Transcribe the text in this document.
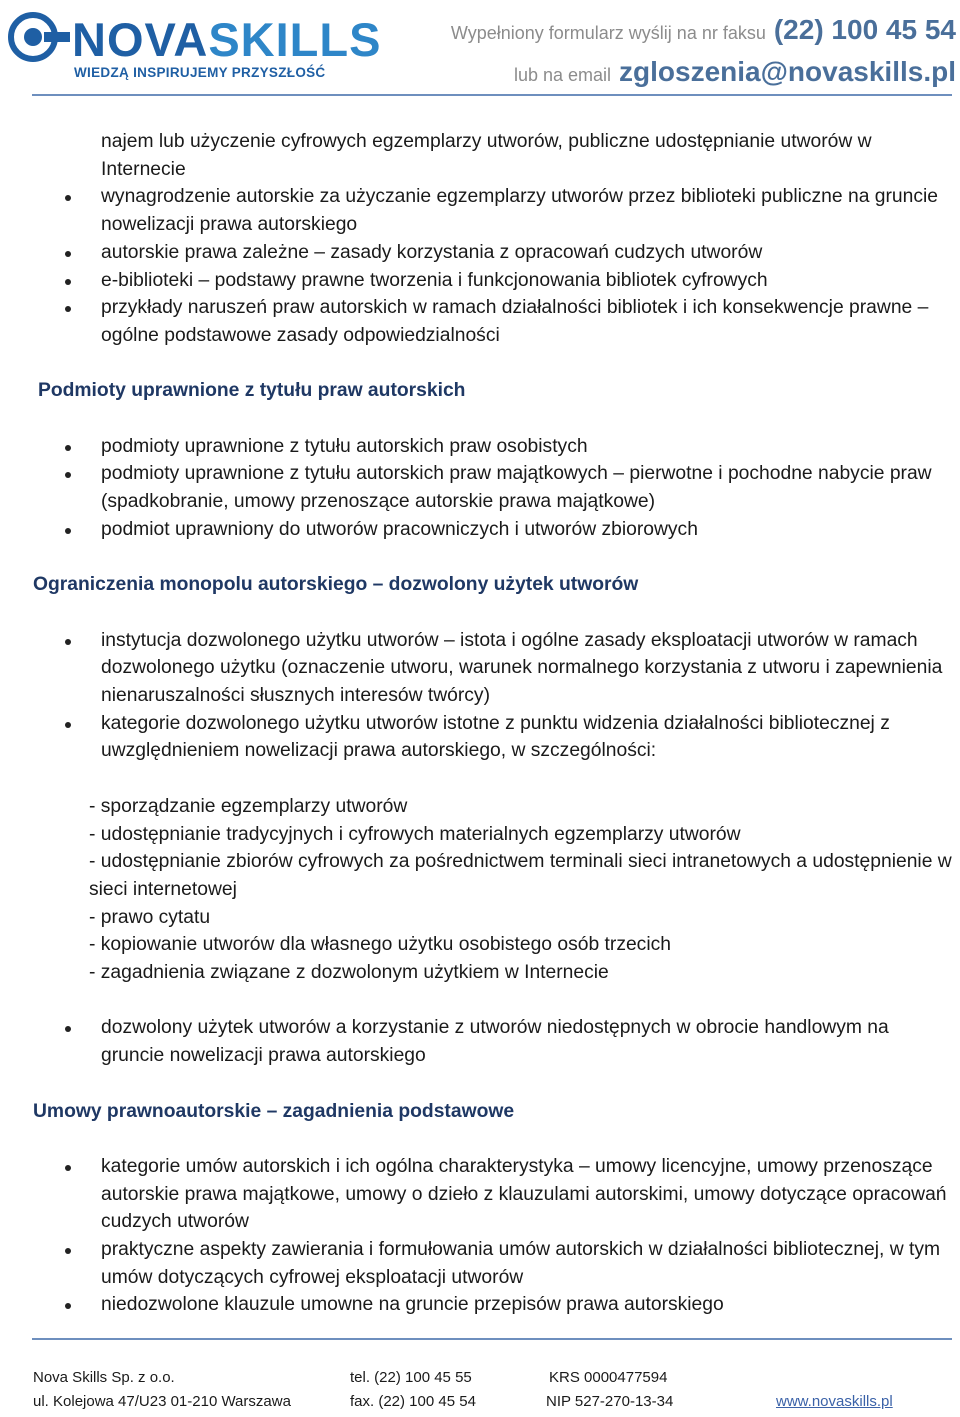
NOVASKILLS
WIEDZĄ INSPIRUJEMY PRZYSZŁOŚĆ
Wypełniony formularz wyślij na nr faksu (22) 100 45 54
lub na email zgloszenia@novaskills.pl
najem lub użyczenie cyfrowych egzemplarzy utworów, publiczne udostępnianie utworów w Internecie
wynagrodzenie autorskie za użyczanie egzemplarzy utworów przez biblioteki publiczne na gruncie nowelizacji prawa autorskiego
autorskie prawa zależne – zasady korzystania z opracowań cudzych utworów
e-biblioteki – podstawy prawne tworzenia i funkcjonowania bibliotek cyfrowych
przykłady naruszeń praw autorskich w ramach działalności bibliotek i ich konsekwencje prawne – ogólne podstawowe zasady odpowiedzialności

Podmioty uprawnione z tytułu praw autorskich

podmioty uprawnione z tytułu autorskich praw osobistych
podmioty uprawnione z tytułu autorskich praw majątkowych – pierwotne i pochodne nabycie praw (spadkobranie, umowy przenoszące autorskie prawa majątkowe)
podmiot uprawniony do utworów pracowniczych i utworów zbiorowych

Ograniczenia monopolu autorskiego – dozwolony użytek utworów

instytucja dozwolonego użytku utworów – istota i ogólne zasady eksploatacji utworów w ramach dozwolonego użytku (oznaczenie utworu, warunek normalnego korzystania z utworu i zapewnienia nienaruszalności słusznych interesów twórcy)
kategorie dozwolonego użytku utworów istotne z punktu widzenia działalności bibliotecznej z uwzględnieniem nowelizacji prawa autorskiego, w szczególności:
- sporządzanie egzemplarzy utworów
- udostępnianie tradycyjnych i cyfrowych materialnych egzemplarzy utworów
- udostępnianie zbiorów cyfrowych za pośrednictwem terminali sieci intranetowych a udostępnienie w sieci internetowej
- prawo cytatu
- kopiowanie utworów dla własnego użytku osobistego osób trzecich
- zagadnienia związane z dozwolonym użytkiem w Internecie
dozwolony użytek utworów a korzystanie z utworów niedostępnych w obrocie handlowym na gruncie nowelizacji prawa autorskiego

Umowy prawnoautorskie – zagadnienia podstawowe

kategorie umów autorskich i ich ogólna charakterystyka – umowy licencyjne, umowy przenoszące autorskie prawa majątkowe, umowy o dzieło z klauzulami autorskimi, umowy dotyczące opracowań cudzych utworów
praktyczne aspekty zawierania i formułowania umów autorskich w działalności bibliotecznej, w tym umów dotyczących cyfrowej eksploatacji utworów
niedozwolone klauzule umowne na gruncie przepisów prawa autorskiego
Nova Skills Sp. z o.o.
ul. Kolejowa 47/U23 01-210 Warszawa
tel. (22) 100 45 55
fax. (22) 100 45 54
KRS 0000477594
NIP 527-270-13-34	www.novaskills.pl
